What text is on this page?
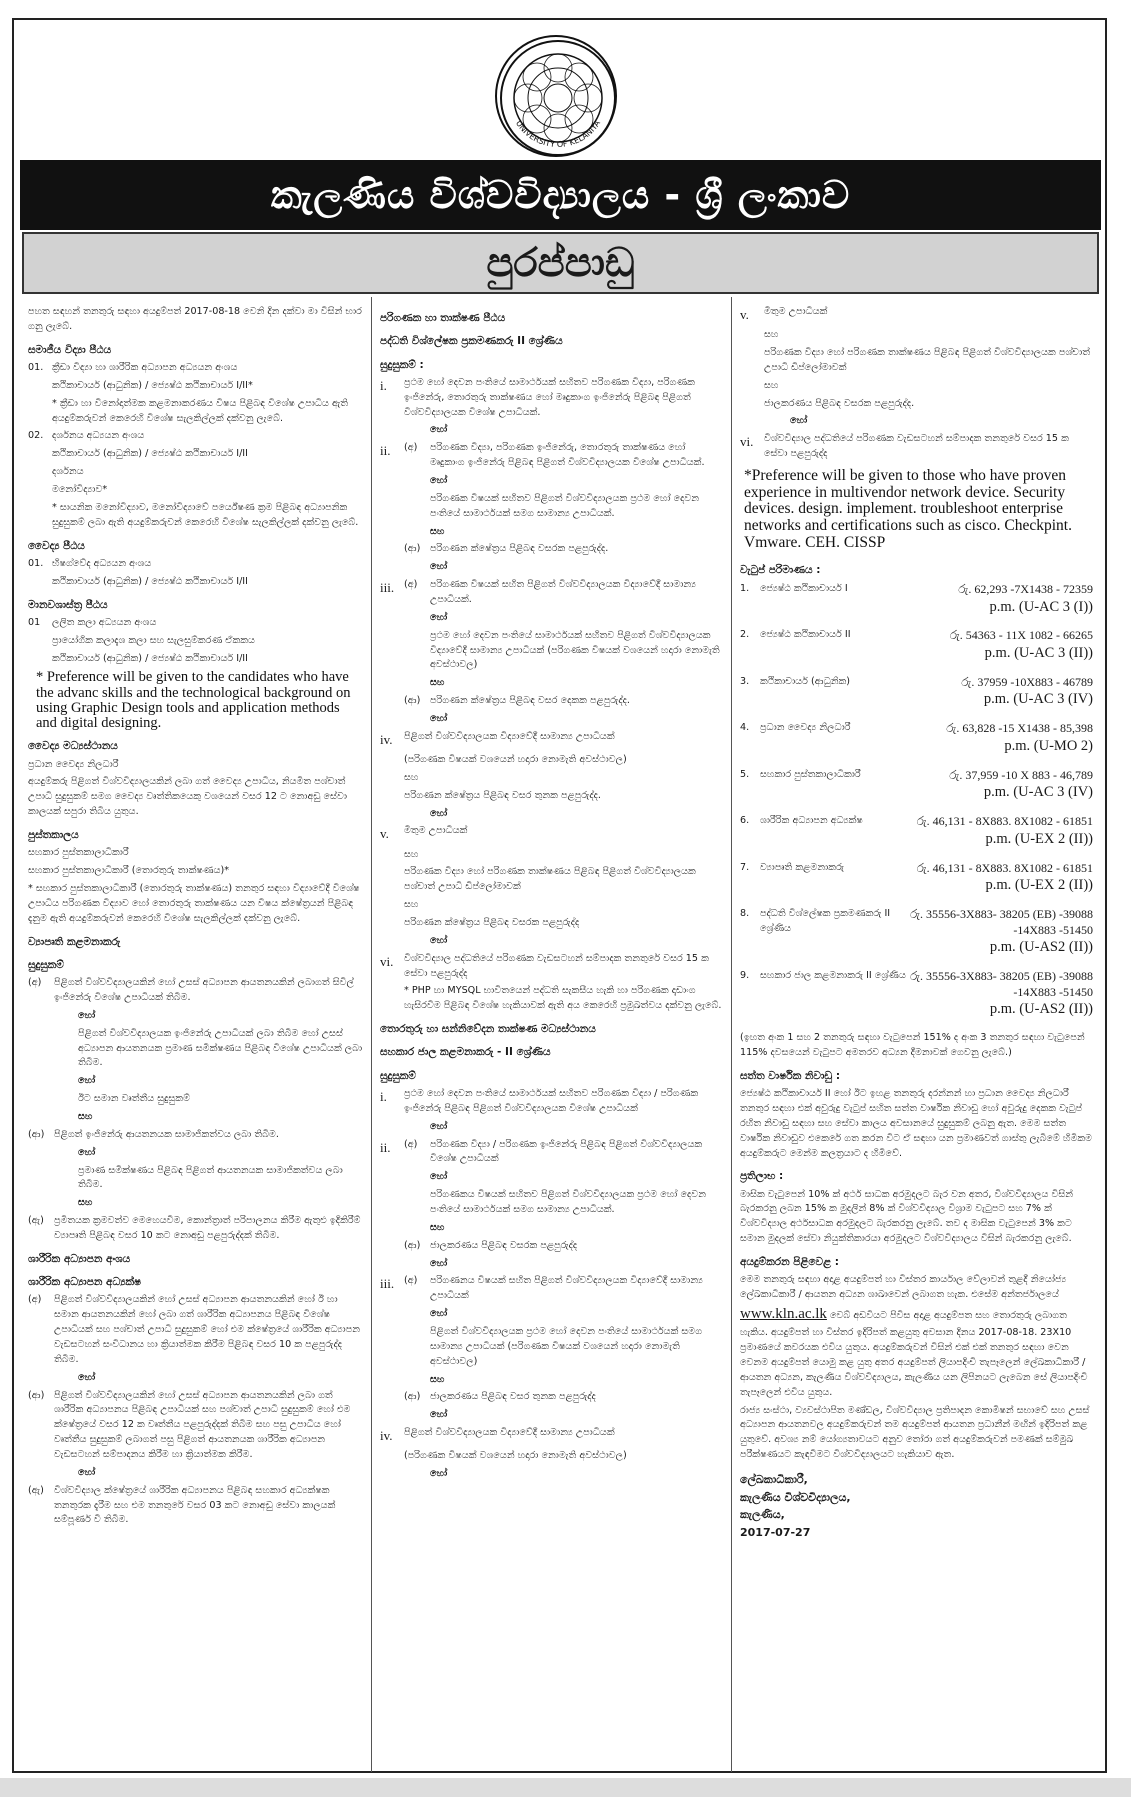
UNIVERSITY OF KELANIYA
කැලණිය විශ්වවිද්‍යාලය - ශ්‍රී ලංකාව
පුරප්පාඩු
පහත සඳහන් තනතුරු සඳහා අයදුම්පත් 2017-08-18 වෙනි දින දක්වා මා විසින් භාර ගනු ලැබේ.
සමාජීය විද්‍යා පීඨය
01. ක්‍රීඩා විද්‍යා හා ශාරීරික අධ්‍යාපන අධ්‍යයන අංශය
කථිකාචාර්ය (ආධුනික) / ජ්‍යෙෂ්ඨ කථිකාචාර්ය I/II*
* ක්‍රීඩා හා විනෝදාත්මක කළමනාකරණය විෂය පිළිබඳ විශේෂ උපාධිය ඇති අයදුම්කරුවන් කෙරෙහි විශේෂ සැලකිල්ලක් දක්වනු ලැබේ.
02. දර්ශනය අධ්‍යයන අංශය
කථිකාචාර්ය (ආධුනික) / ජ්‍යෙෂ්ඨ කථිකාචාර්ය I/II
දර්ශනය
මනෝවිද්‍යාව*
* සායනික මනෝවිද්‍යාව, මනෝවිද්‍යාවේ පර්යේෂණ ක්‍රම පිළිබඳ අධ්‍යාපනික සුදුසුකම් ලබා ඇති අයදුම්කරුවන් කෙරෙහි විශේෂ සැලකිල්ලක් දක්වනු ලැබේ.
වෛද්‍ය පීඨය
01. භිෂග්වේද අධ්‍යයන අංශය
කථිකාචාර්ය (ආධුනික) / ජ්‍යෙෂ්ඨ කථිකාචාර්ය I/II
මානවශාස්ත්‍ර පීඨය
01	ලලිත කලා අධ්‍යයන අංශය
ප්‍රායෝගික කලාදැශ කලා සහ සැලසුම්කරණ ඒකකය
කථිකාචාර්ය (ආධුනික) / ජ්‍යෙෂ්ඨ කථිකාචාර්ය I/II
* Preference will be given to the candidates who have the advanc skills and the technological background on using Graphic Design tools and application methods and digital designing.
වෛද්‍ය මධ්‍යස්ථානය
ප්‍රධාන වෛද්‍ය නිලධාරී
අයදුම්කරු පිළිගත් විශ්වවිද්‍යාලයකින් ලබා ගත් වෛද්‍ය උපාධිය, නියමිත පශ්චාත් උපාධි සුදුසුකම් සමග වෛද්‍ය වෘත්තිකයෙකු වශයෙන් වසර 12 ට නොඅඩු සේවා කාලයක් සපුරා තිබිය යුතුය.
පුස්තකාලය
සහකාර පුස්තකාලාධිකාරී
සහකාර පුස්තකාලාධිකාරී (තොරතුරු තාක්ෂණය)*
* සහකාර පුස්තකාලාධිකාරී (තොරතුරු තාක්ෂණය) තනතුර සඳහා විද්‍යාවේදී විශේෂ උපාධිය පරිගණක විද්‍යාව හෝ තොරතුරු තාක්ෂණය යන විෂය ක්ෂේත්‍රයන් පිළිබඳ දැනුම ඇති අයදුම්කරුවන් කෙරෙහි විශේෂ සැලකිල්ලක් දක්වනු ලැබේ.
ව්‍යාපෘති කළමනාකරු
සුදුසුකම්
(අ)	පිළිගත් විශ්වවිද්‍යාලයකින් හෝ උසස් අධ්‍යාපන ආයතනයකින් ලබාගත් සිවිල් ඉංජිනේරු විශේෂ උපාධියක් තිබීම.
හෝ
පිළිගත් විශ්වවිද්‍යාලයක ඉංජිනේරු උපාධියක් ලබා තිබීම හෝ උසස් අධ්‍යාපන ආයතනයක ප්‍රමාණ සමීක්ෂණය පිළිබඳ විශේෂ උපාධියක් ලබා තිබීම.
හෝ
ඊට සමාන වෘත්තීය සුදුසුකම්
සහ
(ආ)	පිළිගත් ඉංජිනේරු ආයතනයක සාමාජිකත්වය ලබා තිබීම.
හෝ
ප්‍රමාණ සමීක්ෂණය පිළිබඳ පිළිගත් ආයතනයක සාමාජිකත්වය ලබා තිබීම.
සහ
(ඇ)	ප්‍රමිතයක ක්‍රමවත්ව මෙහෙයවීම, කොන්ත්‍රාත් පරිපාලනය කිරීම ඇතුළු ඉදිකිරීම් ව්‍යාපෘති පිළිබඳ වසර 10 කට නොඅඩු පළපුරුද්දක් තිබීම.
ශාරීරික අධ්‍යාපන අංශය
ශාරීරික අධ්‍යාපන අධ්‍යක්ෂ
(අ)	පිළිගත් විශ්වවිද්‍යාලයකින් හෝ උසස් අධ්‍යාපන ආයතනයකින් හෝ ඊ හා සමාන ආයතනයකින් හෝ ලබා ගත් ශාරීරික අධ්‍යාපනය පිළිබඳ විශේෂ උපාධියක් සහ පශ්චාත් උපාධි සුදුසුකම් හෝ එම ක්ෂේත්‍රයේ ශාරීරික අධ්‍යාපන වැඩසටහන් සංවිධානය හා ක්‍රියාත්මක කිරීම පිළිබඳ වසර 10 ක පළපුරුද්ද තිබීම.
හෝ
(ආ)	පිළිගත් විශ්වවිද්‍යාලයකින් හෝ උසස් අධ්‍යාපන ආයතනයකින් ලබා ගත් ශාරීරික අධ්‍යාපනය පිළිබඳ උපාධියක් සහ පශ්චාත් උපාධි සුදුසුකම් හෝ එම ක්ෂේත්‍රයේ වසර 12 ක වෘත්තීය පළපුරුද්දක් තිබීම සහ පසු උපාධිය හෝ වෘත්තීය සුදුසුකම් ලබාගත් පසු පිළිගත් ආයතනයක ශාරීරික අධ්‍යාපන වැඩසටහන් සම්පාදනය කිරීම හා ක්‍රියාත්මක කිරීම.
හෝ
(ඇ)	විශ්වවිද්‍යාල ක්ෂේත්‍රයේ ශාරීරික අධ්‍යාපනය පිළිබඳ සහකාර අධ්‍යක්ෂක තනතුරක දැරීම සහ එම තනතුරේ වසර 03 කට නොඅඩු සේවා කාලයක් සම්පූර්ණ වී තිබීම.
පරිගණක හා තාක්ෂණ පීඨය
පද්ධති විශ්ලේෂක ප්‍රකමණකරු II ශ්‍රේණිය
සුදුසුකම් :
i.	ප්‍රථම හෝ දෙවන පංතියේ සාමාර්ථයක් සහිතව පරිගණක විද්‍යා, පරිගණක ඉංජිනේරු, තොරතුරු තාක්ෂණය හෝ මෘදුකාංග ඉංජිනේරු පිළිබඳ පිළිගත් විශ්වවිද්‍යාලයක විශේෂ උපාධියක්.
හෝ
ii.	(අ)	පරිගණක විද්‍යා, පරිගණක ඉංජිනේරු, තොරතුරු තාක්ෂණය හෝ මෘදුකාංග ඉංජිනේරු පිළිබඳ පිළිගත් විශ්වවිද්‍යාලයක විශේෂ උපාධියක්.
හෝ
පරිගණක විෂයක් සහිතව පිළිගත් විශ්වවිද්‍යාලයක ප්‍රථම හෝ දෙවන පංතියේ සාමාර්ථයක් සමග සාමාන්‍ය උපාධියක්.
සහ
(ආ)	පරිගණන ක්ෂේත්‍රය පිළිබඳ වසරක පළපුරුද්ද.
හෝ
iii.	(අ)	පරිගණක විෂයක් සහිත පිළිගත් විශ්වවිද්‍යාලයක විද්‍යාවේදී සාමාන්‍ය උපාධියක්.
හෝ
ප්‍රථම හෝ දෙවන පංතියේ සාමාර්ථයක් සහිතව පිළිගත් විශ්වවිද්‍යාලයක විද්‍යාවේදී සාමාන්‍ය උපාධියක් (පරිගණක විෂයක් වශයෙන් හදාරා නොමැති අවස්ථාවල)
සහ
(ආ)	පරිගණන ක්ෂේත්‍රය පිළිබඳ වසර දෙකක පළපුරුද්ද.
හෝ
iv.	පිළිගත් විශ්වවිද්‍යාලයක විද්‍යාවේදී සාමාන්‍ය උපාධියක්
(පරිගණක විෂයක් වශයෙන් හදාරා නොමැති අවස්ථාවල)
සහ
පරිගණන ක්ෂේත්‍රය පිළිබඳ වසර තුනක පළපුරුද්ද.
හෝ
v.	මිතුම උපාධියක්
සහ
පරිගණක විද්‍යා හෝ පරිගණක තාක්ෂණය පිළිබඳ පිළිගත් විශ්වවිද්‍යාලයක පශ්චාත් උපාධි ඩිප්ලෝමාවක්
සහ
පරිගණන ක්ෂේත්‍රය පිළිබඳ වසරක පළපුරුද්ද
හෝ
vi.	විශ්වවිද්‍යාල පද්ධතියේ පරිගණක වැඩසටහන් සම්පාදක තනතුරේ වසර 15 ක සේවා පළපුරුද්ද
* PHP හා MYSQL භාවිතයෙන් පද්ධති සැකසීය හැකි හා පරිගණක දෘඩාංග හැසිරවීම පිළිබඳ විශේෂ හැකියාවක් ඇති අය කෙරෙහි ප්‍රමුඛත්වය දක්වනු ලැබේ.
තොරතුරු හා සන්නිවේදන තාක්ෂණ මධ්‍යස්ථානය
සහකාර ජාල කළමනාකරු - II ශ්‍රේණිය
සුදුසුකම්
i.	ප්‍රථම හෝ දෙවන පංතියේ සාමාර්ථයක් සහිතව පරිගණක විද්‍යා / පරිගණක ඉංජිනේරු පිළිබඳ පිළිගත් විශ්වවිද්‍යාලයක විශේෂ උපාධියක්
හෝ
ii.	(අ)	පරිගණක විද්‍යා / පරිගණක ඉංජිනේරු පිළිබඳ පිළිගත් විශ්වවිද්‍යාලයක විශේෂ උපාධියක්
හෝ
පරිගණකය විෂයක් සහිතව පිළිගත් විශ්වවිද්‍යාලයක ප්‍රථම හෝ දෙවන පංතියේ සාමාර්ථයක් සමග සාමාන්‍ය උපාධියක්.
සහ
(ආ)	ජාලකරණය පිළිබඳ වසරක පළපුරුද්ද
හෝ
iii.	(අ)	පරිගණනය විෂයක් සහිත පිළිගත් විශ්වවිද්‍යාලයක විද්‍යාවේදී සාමාන්‍ය උපාධියක්
හෝ
පිළිගත් විශ්වවිද්‍යාලයක ප්‍රථම හෝ දෙවන පංතියේ සාමාර්ථයක් සමග සාමාන්‍ය උපාධියක් (පරිගණක විෂයක් වශයෙන් හදාරා නොමැති අවස්ථාවල)
සහ
(ආ)	ජාලකරණය පිළිබඳ වසර තුනක පළපුරුද්ද
හෝ
iv.	පිළිගත් විශ්වවිද්‍යාලයක විද්‍යාවේදී සාමාන්‍ය උපාධියක්
(පරිගණක විෂයක් වශයෙන් හදාරා නොමැති අවස්ථාවල)
හෝ
v.	මිතුම උපාධියක්
සහ
පරිගණක විද්‍යා හෝ පරිගණක තාක්ෂණය පිළිබඳ පිළිගත් විශ්වවිද්‍යාලයක පශ්චාත් උපාධි ඩිප්ලෝමාවක්
සහ
ජාලකරණය පිළිබඳ වසරක පළපුරුද්ද.
හෝ
vi.	විශ්වවිද්‍යාල පද්ධතියේ පරිගණක වැඩසටහන් සම්පාදක තනතුරේ වසර 15 ක සේවා පළපුරුද්ද
*Preference will be given to those who have proven experience in multivendor network device. Security devices. design. implement. troubleshoot enterprise networks and certifications such as cisco. Checkpint. Vmware. CEH. CISSP
වැටුප් පරිමාණය :
1.	ජ්‍යෙෂ්ඨ කථිකාචාර්ය I	රු. 62,293 -7X1438 - 72359
p.m. (U-AC 3 (I))
2.	ජ්‍යෙෂ්ඨ කථිකාචාර්ය II	රු. 54363 - 11X 1082 - 66265
p.m. (U-AC 3 (II))
3.	කථිකාචාර්ය (ආධුනික)	රු. 37959 -10X883 - 46789
p.m. (U-AC 3 (IV)
4.	ප්‍රධාන වෛද්‍ය නිලධාරී	රු. 63,828 -15 X1438 - 85,398
p.m. (U-MO 2)
5.	සහකාර පුස්තකාලාධිකාරී	රු. 37,959 -10 X 883 - 46,789
p.m. (U-AC 3 (IV)
6.	ශාරීරික අධ්‍යාපන අධ්‍යක්ෂ	රු. 46,131 - 8X883. 8X1082 - 61851
p.m. (U-EX 2 (II))
7.	ව්‍යාපෘති කළමනාකරු	රු. 46,131 - 8X883. 8X1082 - 61851
p.m. (U-EX 2 (II))
8.	පද්ධති විශ්ලේෂක ප්‍රකමණකරු II ශ්‍රේණිය
රු. 35556-3X883- 38205 (EB) -39088 -14X883 -51450
p.m. (U-AS2 (II))
9.	සහකාර ජාල කළමනාකරු II ශ්‍රේණිය රු. 35556-3X883- 38205 (EB) -39088 -14X883 -51450
p.m. (U-AS2 (II))
(ඉහත අංක 1 සහ 2 තනතුරු සඳහා වැටුපෙන් 151% ද අංක 3 තනතුර සඳහා වැටුපෙන් 115% දවසයෙන් වැටුපට අමතරව අධ්‍යන දීමනාවක් ගෙවනු ලැබේ.)
සත්ත වාර්ෂික නිවාඩු :
ජ්‍යෙෂ්ඨ කථිකාචාර්ය II හෝ ඊට ඉහළ තනතුරු දරන්නන් හා ප්‍රධාන වෛද්‍ය නිලධාරී තනතුර සඳහා එක් අවුරුදු වැටුප් සහිත සත්ත වාර්ෂික නිවාඩු හෝ අවුරුදු දෙකක වැටුප් රහිත නිවාඩු සඳහා සහ සේවා කාලය අවසානයේ සුදුසුකම් ලබනු ඇත. මෙම සත්ත වාර්ෂික නිවාඩුව එකෙරේ ගත කරන විට ඒ සඳහා යන ප්‍රමාණවත් ගාස්තු ලැබීමේ හිමිකම අයදුම්කරුට මෙන්ම කලත්‍රයාට ද හිමිවේ.
ප්‍රතිලාභ :
මාසික වැටුපෙන් 10% ක් අර්ථ සාධක අරමුදලට බැර වන අතර, විශ්වවිද්‍යාලය විසින් බැරකරනු ලබන 15% ක මුදලින් 8% ක් විශ්වවිද්‍යාල විශ්‍රාම වැටුපට සහ 7% ක් විශ්වවිද්‍යාල අර්ථසාධක අරමුදලට බැරකරනු ලැබේ. තව ද මාසික වැටුපෙන් 3% කට සමාන මුදලක් සේවා නියුක්තිකාරයා අරමුදලට විශ්වවිද්‍යාලය විසින් බැරකරනු ලැබේ.
අයදුම්කරන පිළිවෙළ :
මෙම තනතුරු සඳහා අදාළ අයදුම්පත් හා විස්තර කාර්යාල වේලාවන් තුළදී නියෝජ්‍ය ලේඛකාධිකාරී / ආයතන අධ්‍යන ශාඛාවෙන් ලබාගත හැක. එසේම අන්තර්ජාලයේ www.kln.ac.lk වෙබ් අඩවියට පිවිස අදාළ අයදුම්පත සහ තොරතුරු ලබාගත හැකිය. අයදුම්පත් හා විස්තර ඉදිරිපත් කළයුතු අවසාන දිනය 2017-08-18. 23X10 ප්‍රමාණයේ කවරයක එවිය යුතුය. අයදුම්කරුවන් විසින් එක් එක් තනතුර සඳහා වෙන වෙනම අයදුම්පත් යොමු කළ යුතු අතර අයදුම්පත් ලියාපදිංචි තැපෑලෙන් ලේඛකාධිකාරී / ආයතන අධ්‍යන, කැලණිය විශ්වවිද්‍යාලය, කැලණිය යන ලිපිනයට ලැබෙන සේ ලියාපදිංචි තැපෑලෙන් එවිය යුතුය.
රාජ්‍ය සංස්ථා, ව්‍යවස්ථාපිත මණ්ඩල, විශ්වවිද්‍යාල ප්‍රතිපාදන කොමිෂන් සභාවේ සහ උසස් අධ්‍යාපන ආයතනවල අයදුම්කරුවන් තම අයදුම්පත් ආයතන ප්‍රධානීන් මඟින් ඉදිරිපත් කළ යුතුවේ. අවශ්‍ය නම් යෝග්‍යතාවයට අනුව තෝරා ගත් අයදුම්කරුවන් පමණක් සම්මුඛ පරීක්ෂණයට කැඳවීමට විශ්වවිද්‍යාලයට හැකියාව ඇත.
ලේඛකාධිකාරී,
කැලණිය විශ්වවිද්‍යාලය,
කැලණිය,
2017-07-27
